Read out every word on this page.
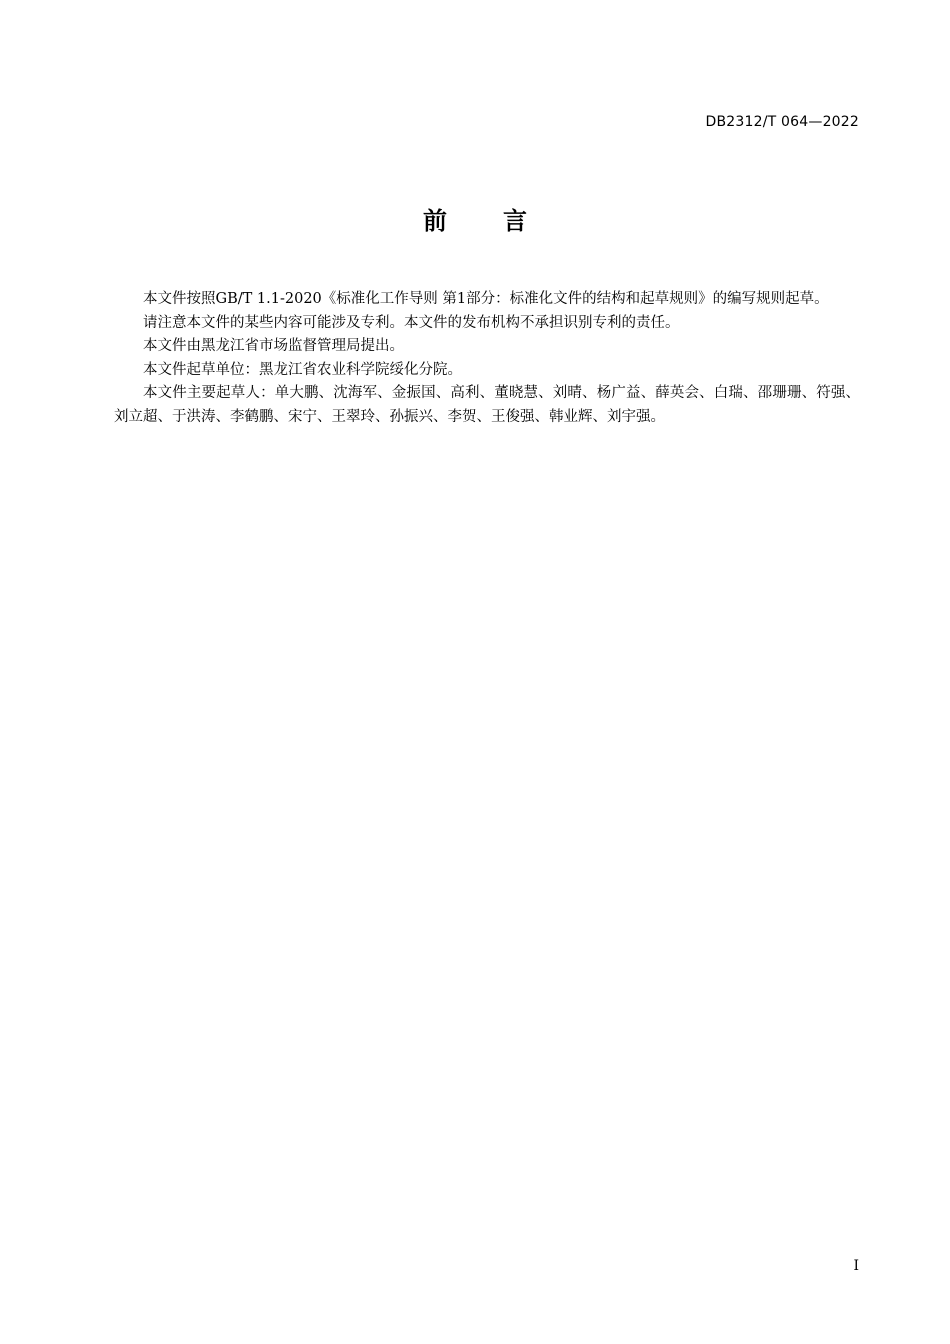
DB2312/T 064—2022
前言

本文件按照GB/T 1.1-2020《标准化工作导则 第1部分：标准化文件的结构和起草规则》的编写规则起草。

请注意本文件的某些内容可能涉及专利。本文件的发布机构不承担识别专利的责任。

本文件由黑龙江省市场监督管理局提出。

本文件起草单位：黑龙江省农业科学院绥化分院。

本文件主要起草人：单大鹏、沈海军、金振国、高利、董晓慧、刘晴、杨广益、薛英会、白瑞、邵珊珊、符强、刘立超、于洪涛、李鹤鹏、宋宁、王翠玲、孙振兴、李贺、王俊强、韩业辉、刘宇强。

I
